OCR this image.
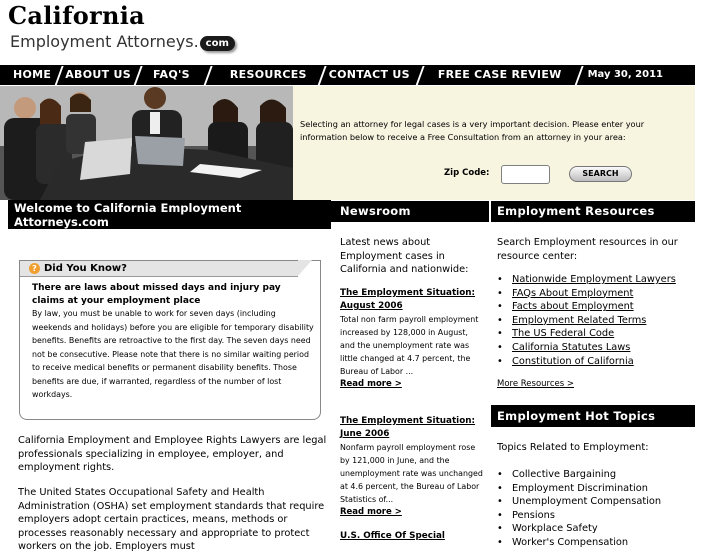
California
Employment Attorneys. com
HOME ABOUT US	FAQ'S	RESOURCES CONTACT US	FREE CASE REVIEW	May 30, 2011
Selecting an attorney for legal cases is a very important decision. Please enter your information below to receive a Free Consultation from an attorney in your area:
Zip Code:	SEARCH
Welcome to California Employment Attorneys.com
? Did You Know?
There are laws about missed days and injury pay claims at your employment place
By law, you must be unable to work for seven days (including weekends and holidays) before you are eligible for temporary disability benefits. Benefits are retroactive to the first day. The seven days need not be consecutive. Please note that there is no similar waiting period to receive medical benefits or permanent disability benefits. Those benefits are due, if warranted, regardless of the number of lost workdays.
California Employment and Employee Rights Lawyers are legal professionals specializing in employee, employer, and employment rights.
The United States Occupational Safety and Health Administration (OSHA) set employment standards that require employers adopt certain practices, means, methods or processes reasonably necessary and appropriate to protect workers on the job. Employers must
Newsroom
Latest news about Employment cases in California and nationwide:
The Employment Situation: August 2006
Total non farm payroll employment increased by 128,000 in August, and the unemployment rate was little changed at 4.7 percent, the Bureau of Labor ...
Read more >
The Employment Situation: June 2006
Nonfarm payroll employment rose by 121,000 in June, and the unemployment rate was unchanged at 4.6 percent, the Bureau of Labor Statistics of...
Read more >
U.S. Office Of Special
Employment Resources
Search Employment resources in our resource center:
• Nationwide Employment Lawyers
• FAQs About Employment
• Facts about Employment
• Employment Related Terms
• The US Federal Code
• California Statutes Laws
• Constitution of California
More Resources >
Employment Hot Topics
Topics Related to Employment:
• Collective Bargaining
• Employment Discrimination
• Unemployment Compensation
• Pensions
• Workplace Safety
• Worker's Compensation
